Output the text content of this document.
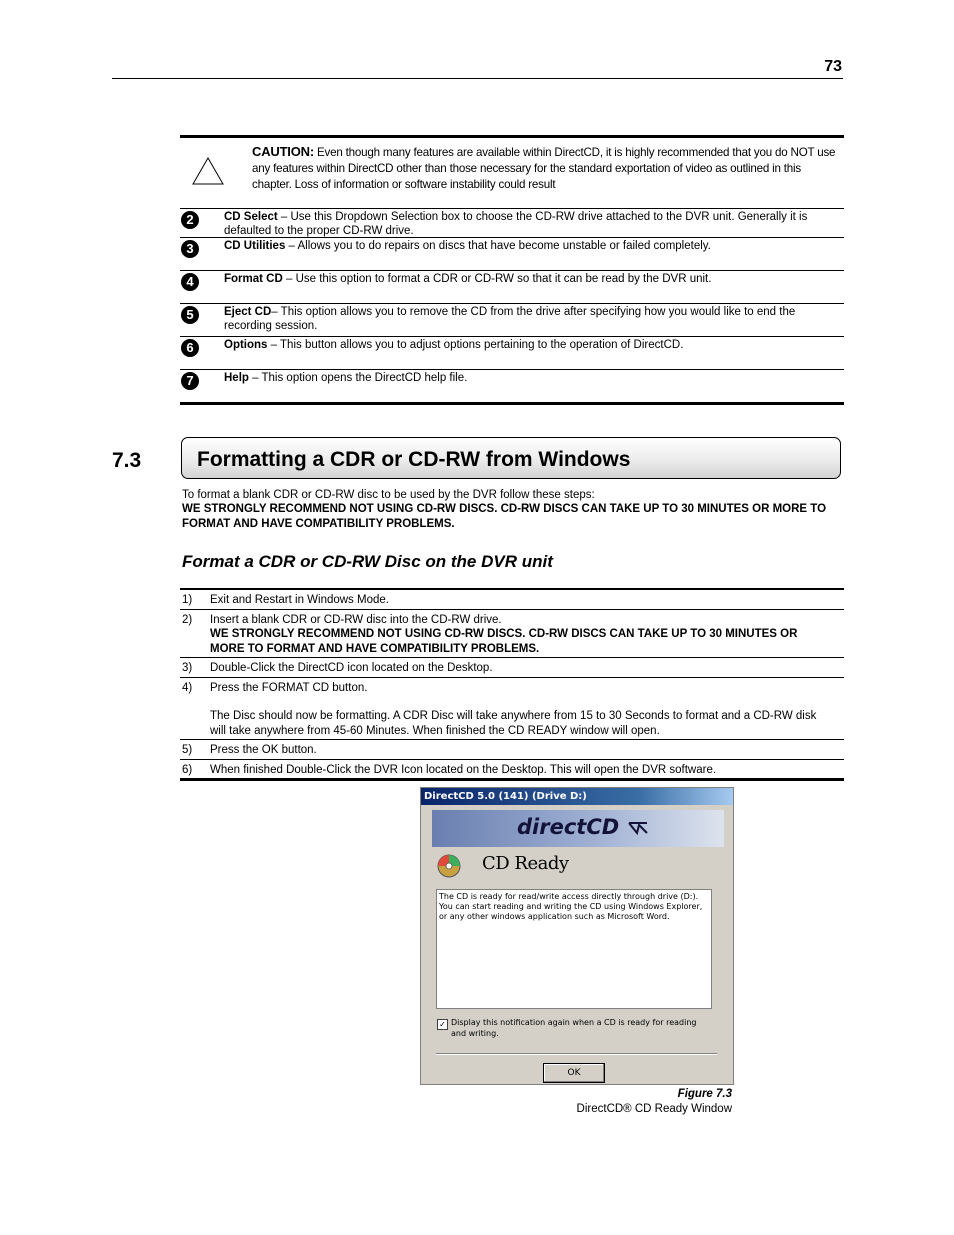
73
CAUTION: Even though many features are available within DirectCD, it is highly recommended that you do NOT use any features within DirectCD other than those necessary for the standard exportation of video as outlined in this chapter. Loss of information or software instability could result
2	CD Select – Use this Dropdown Selection box to choose the CD-RW drive attached to the DVR unit. Generally it is defaulted to the proper CD-RW drive.
3	CD Utilities – Allows you to do repairs on discs that have become unstable or failed completely.
4	Format CD – Use this option to format a CDR or CD-RW so that it can be read by the DVR unit.
5	Eject CD– This option allows you to remove the CD from the drive after specifying how you would like to end the recording session.
6	Options – This button allows you to adjust options pertaining to the operation of DirectCD.
7	Help – This option opens the DirectCD help file.
7.3	Formatting a CDR or CD-RW from Windows
To format a blank CDR or CD-RW disc to be used by the DVR follow these steps:
WE STRONGLY RECOMMEND NOT USING CD-RW DISCS. CD-RW DISCS CAN TAKE UP TO 30 MINUTES OR MORE TO FORMAT AND HAVE COMPATIBILITY PROBLEMS.
Format a CDR or CD-RW Disc on the DVR unit
1) Exit and Restart in Windows Mode.
2) Insert a blank CDR or CD-RW disc into the CD-RW drive.
WE STRONGLY RECOMMEND NOT USING CD-RW DISCS. CD-RW DISCS CAN TAKE UP TO 30 MINUTES OR MORE TO FORMAT AND HAVE COMPATIBILITY PROBLEMS.
3) Double-Click the DirectCD icon located on the Desktop.
4) Press the FORMAT CD button.
The Disc should now be formatting. A CDR Disc will take anywhere from 15 to 30 Seconds to format and a CD-RW disk will take anywhere from 45-60 Minutes. When finished the CD READY window will open.
5) Press the OK button.
6) When finished Double-Click the DVR Icon located on the Desktop. This will open the DVR software.
DirectCD 5.0 (141) (Drive D:)
directCD
CD Ready
The CD is ready for read/write access directly through drive (D:). You can start reading and writing the CD using Windows Explorer, or any other windows application such as Microsoft Word.
✓ Display this notification again when a CD is ready for reading and writing.
OK
Figure 7.3
DirectCD® CD Ready Window
